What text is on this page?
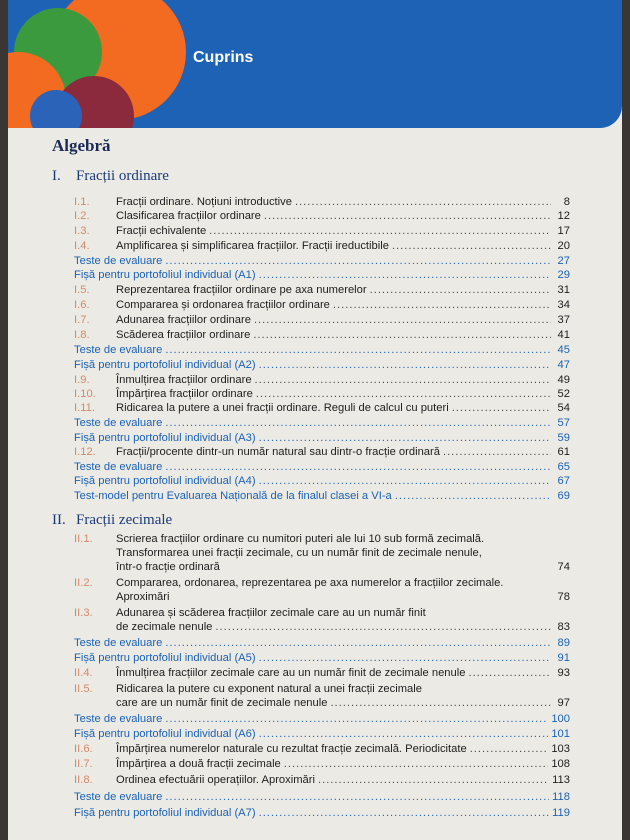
Cuprins
Algebră
I. Fracții ordinare
I.1.	Fracții ordinare. Noțiuni introductive .....	8
I.2.	Clasificarea fracțiilor ordinare .....	12
I.3.	Fracții echivalente .....	17
I.4.	Amplificarea și simplificarea fracțiilor. Fracții ireductibile .....	20
Teste de evaluare .....	27
Fișă pentru portofoliul individual (A1) .....	29
I.5.	Reprezentarea fracțiilor ordinare pe axa numerelor .....	31
I.6.	Compararea și ordonarea fracțiilor ordinare .....	34
I.7.	Adunarea fracțiilor ordinare .....	37
I.8.	Scăderea fracțiilor ordinare .....	41
Teste de evaluare .....	45
Fișă pentru portofoliul individual (A2) .....	47
I.9.	Înmulțirea fracțiilor ordinare .....	49
I.10.	Împărțirea fracțiilor ordinare .....	52
I.11.	Ridicarea la putere a unei fracții ordinare. Reguli de calcul cu puteri .....	54
Teste de evaluare .....	57
Fișă pentru portofoliul individual (A3) .....	59
I.12.	Fracții/procente dintr-un număr natural sau dintr-o fracție ordinară .....	61
Teste de evaluare .....	65
Fișă pentru portofoliul individual (A4) .....	67
Test-model pentru Evaluarea Națională de la finalul clasei a VI-a .....	69
II. Fracții zecimale
II.1.	Scrierea fracțiilor ordinare cu numitori puteri ale lui 10 sub formă zecimală.
Transformarea unei fracții zecimale, cu un număr finit de zecimale nenule,
într-o fracție ordinară	74
II.2.	Compararea, ordonarea, reprezentarea pe axa numerelor a fracțiilor zecimale.
Aproximări	78
II.3.	Adunarea și scăderea fracțiilor zecimale care au un număr finit
de zecimale nenule .....	83
Teste de evaluare .....	89
Fișă pentru portofoliul individual (A5) .....	91
II.4.	Înmulțirea fracțiilor zecimale care au un număr finit de zecimale nenule .....	93
II.5.	Ridicarea la putere cu exponent natural a unei fracții zecimale
care are un număr finit de zecimale nenule .....	97
Teste de evaluare .....	100
Fișă pentru portofoliul individual (A6) .....	101
II.6.	Împărțirea numerelor naturale cu rezultat fracție zecimală. Periodicitate .....	103
II.7.	Împărțirea a două fracții zecimale .....	108
II.8.	Ordinea efectuării operațiilor. Aproximări .....	113
Teste de evaluare .....	118
Fișă pentru portofoliul individual (A7) .....	119
